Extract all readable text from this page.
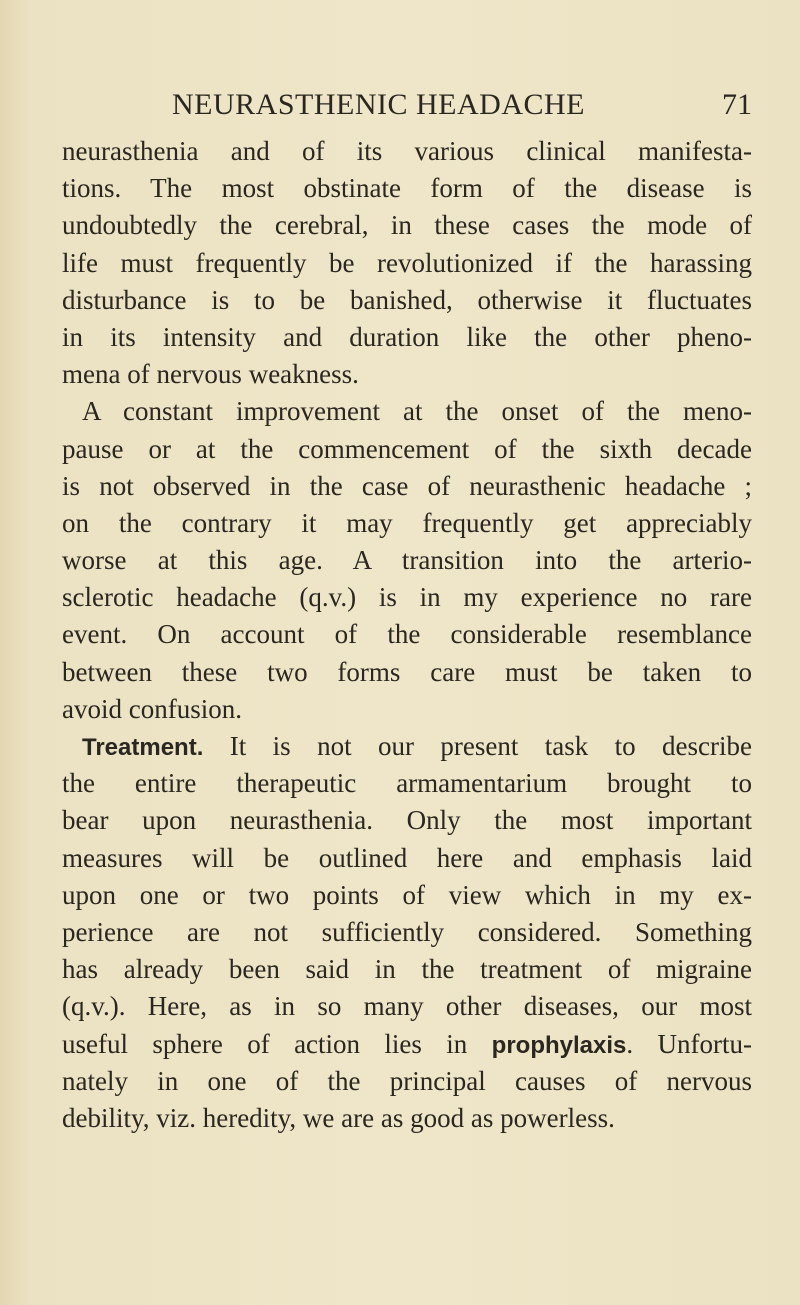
NEURASTHENIC HEADACHE	71
neurasthenia and of its various clinical manifesta-
tions. The most obstinate form of the disease is
undoubtedly the cerebral, in these cases the mode of
life must frequently be revolutionized if the harassing
disturbance is to be banished, otherwise it fluctuates
in its intensity and duration like the other pheno-
mena of nervous weakness.
A constant improvement at the onset of the meno-
pause or at the commencement of the sixth decade
is not observed in the case of neurasthenic headache ;
on the contrary it may frequently get appreciably
worse at this age. A transition into the arterio-
sclerotic headache (q.v.) is in my experience no rare
event. On account of the considerable resemblance
between these two forms care must be taken to
avoid confusion.
Treatment. It is not our present task to describe
the entire therapeutic armamentarium brought to
bear upon neurasthenia. Only the most important
measures will be outlined here and emphasis laid
upon one or two points of view which in my ex-
perience are not sufficiently considered. Something
has already been said in the treatment of migraine
(q.v.). Here, as in so many other diseases, our most
useful sphere of action lies in prophylaxis. Unfortu-
nately in one of the principal causes of nervous
debility, viz. heredity, we are as good as powerless.
